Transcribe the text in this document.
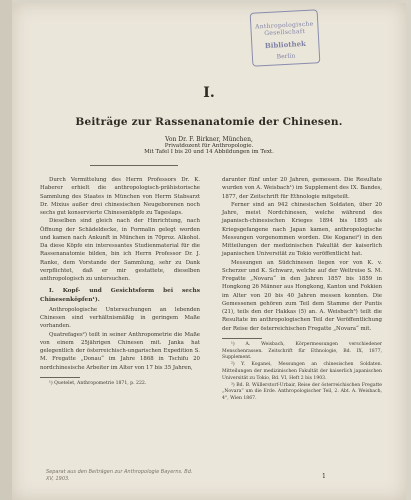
Anthropologische Gesellschaft
Bibliothek
Berlin
I.
Beiträge zur Rassenanatomie der Chinesen.
Von Dr. F. Birkner, München,
Privatdozent für Anthropologie.
Mit Tafel I bis 20 und 14 Abbildungen im Text.

Durch Vermittelung des Herrn Professors Dr. K. Haberer erhielt die anthropologisch-prähistorische Sammlung des Staates in München von Herrn Stabsarzt Dr. Mixius außer drei chinesischen Neugeborenen noch sechs gut konservierte Chinesenköpfe zu Tageslaps.

Dieselben sind gleich nach der Hinrichtung, nach Öffnung der Schädeldecke, in Formalin gelegt worden und kamen nach Ankunft in München in 70proz. Alkohol. Da diese Köpfe ein interessantes Studienmaterial für die Rassenanatomie bilden, bin ich Herrn Professor Dr. J. Ranke, dem Vorstande der Sammlung, sehr zu Dank verpflichtet, daß er mir gestattete, dieselben anthropologisch zu untersuchen.

I. Kopf- und Gesichtsform bei sechs Chinesenköpfen¹).

Anthropologische Untersuchungen an lebenden Chinesen sind verhältnismäßig in geringem Maße vorhanden.

Quatrefages²) teilt in seiner Anthropometrie die Maße von einem 25jährigen Chinesen mit. Janka hat gelegentlich der österreichisch-ungarischen Expedition S. M. Fregatte „Donau“ im Jahre 1868 in Tschifu 20 nordchinesische Arbeiter im Alter von 17 bis 35 Jahren,

¹) Quetelet, Anthropometrie 1871, p. 222.

darunter fünf unter 20 Jahren, gemessen. Die Resultate wurden von A. Weisbach¹) im Supplement des IX. Bandes, 1877, der Zeitschrift für Ethnologie mitgeteilt.

Ferner sind an 942 chinesischen Soldaten, über 20 Jahre, meist Nordchinesen, welche während des japanisch-chinesischen Krieges 1894 bis 1895 als Kriegsgefangene nach Japan kamen, anthropologische Messungen vorgenommen worden. Die Koganei²) in den Mitteilungen der medizinischen Fakultät der kaiserlich japanischen Universität zu Tokio veröffentlicht hat.

Messungen an Südchinesen liegen vor von K. v. Scherzer und K. Schwarz, welche auf der Weltreise S. M. Fregatte „Novara“ in den Jahren 1857 bis 1859 in Hongkong 26 Männer aus Hongkong, Kanton und Fokkien im Alter von 20 bis 40 Jahren messen konnten. Die Gemessenen gehören zum Teil dem Stamme der Puntis (21), teils den der Hakkas (5) an. A. Weisbach³) teilt die Resultate im anthropologischen Teil der Veröffentlichung der Reise der österreichischen Fregatte „Novara“ mit.

¹) A. Weisbach, Körpermessungen verschiedener Menschenrassen. Zeitschrift für Ethnologie, Bd. IX, 1877, Supplement.

²) Y. Koganei, Messungen an chinesischen Soldaten. Mitteilungen der medizinischen Fakultät der kaiserlich japanischen Universität zu Tokio, Bd. VI, Heft 2 bis 1903.

³) Bd. B. Wüllerstorf-Urbair, Reise der österreichischen Fregatte „Novara“ um die Erde. Anthropologischer Teil, 2. Abt. A. Weisbach, 4°, Wien 1867.

Separat aus den Beiträgen zur Anthropologie Bayerns. Bd. XV, 1903.	1
